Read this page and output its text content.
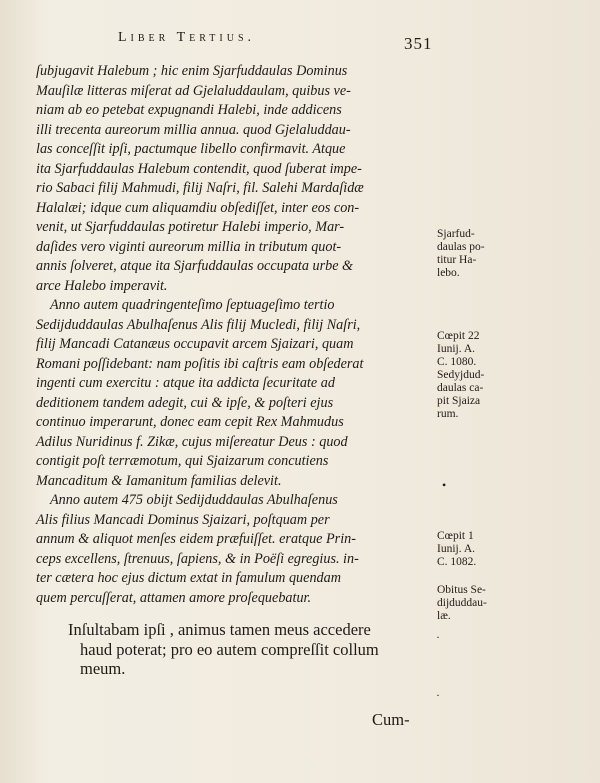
Liber Tertius.	351
ſubjugavit Halebum ; hic enim Sjarfuddaulas Dominus
Mauſilæ litteras miſerat ad Gjelaluddaulam, quibus ve-
niam ab eo petebat expugnandi Halebi, inde addicens
illi trecenta aureorum millia annua. quod Gjelaluddau-
las conceſſit ipſi, pactumque libello confirmavit. Atque
ita Sjarfuddaulas Halebum contendit, quod ſuberat impe-
rio Sabaci filij Mahmudi, filij Naſri, fil. Salehi Mardaſidæ
Halalæi; idque cum aliquamdiu obſediſſet, inter eos con-
venit, ut Sjarfuddaulas potiretur Halebi imperio, Mar-
daſides vero viginti aureorum millia in tributum quot-
annis ſolveret, atque ita Sjarfuddaulas occupata urbe &
arce Halebo imperavit.
Anno autem quadringenteſimo ſeptuageſimo tertio
Sedijduddaulas Abulhaſenus Alis filij Mucledi, filij Naſri,
filij Mancadi Catanæus occupavit arcem Sjaizari, quam
Romani poſſidebant: nam poſitis ibi caſtris eam obſederat
ingenti cum exercitu : atque ita addicta ſecuritate ad
deditionem tandem adegit, cui & ipſe, & poſteri ejus
continuo imperarunt, donec eam cepit Rex Mahmudus
Adilus Nuridinus f. Zikæ, cujus miſereatur Deus : quod
contigit poſt terræmotum, qui Sjaizarum concutiens
Mancaditum & Iamanitum familias delevit.
Anno autem 475 obijt Sedijduddaulas Abulhaſenus
Alis filius Mancadi Dominus Sjaizari, poſtquam per
annum & aliquot menſes eidem præfuiſſet. eratque Prin-
ceps excellens, ſtrenuus, ſapiens, & in Poëſi egregius. in-
ter cætera hoc ejus dictum extat in famulum quendam
quem percuſſerat, attamen amore proſequebatur.
Inſultabam ipſi , animus tamen meus accedere
haud poterat; pro eo autem compreſſit collum
meum.
Cum-
Sjarfud-
daulas po-
titur Ha-
lebo.
Cœpit 22
Iunij. A.
C. 1080.
Sedyjdud-
daulas ca-
pit Sjaiza
rum.
Cœpit 1
Iunij. A.
C. 1082.
Obitus Se-
dijduddau-
læ.
•
·
·
